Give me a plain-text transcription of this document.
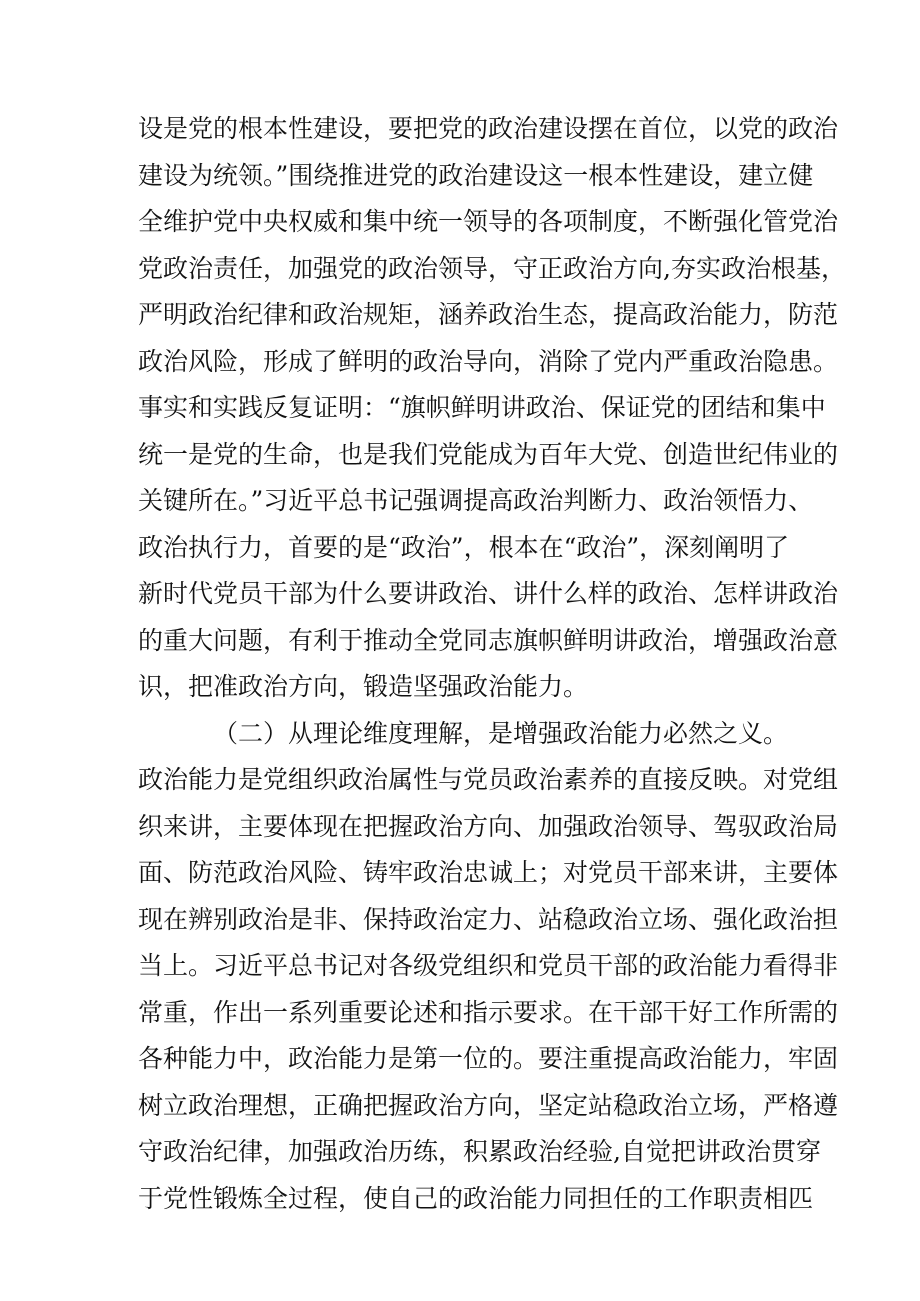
设是党的根本性建设，要把党的政治建设摆在首位，以党的政治
建设为统领。”围绕推进党的政治建设这一根本性建设，建立健
全维护党中央权威和集中统一领导的各项制度，不断强化管党治
党政治责任，加强党的政治领导，守正政治方向,夯实政治根基，
严明政治纪律和政治规矩，涵养政治生态，提高政治能力，防范
政治风险，形成了鲜明的政治导向，消除了党内严重政治隐患。
事实和实践反复证明：“旗帜鲜明讲政治、保证党的团结和集中
统一是党的生命，也是我们党能成为百年大党、创造世纪伟业的
关键所在。”习近平总书记强调提高政治判断力、政治领悟力、
政治执行力，首要的是“政治”，根本在“政治”，深刻阐明了
新时代党员干部为什么要讲政治、讲什么样的政治、怎样讲政治
的重大问题，有利于推动全党同志旗帜鲜明讲政治，增强政治意
识，把准政治方向，锻造坚强政治能力。
（二）从理论维度理解，是增强政治能力必然之义。
政治能力是党组织政治属性与党员政治素养的直接反映。对党组
织来讲，主要体现在把握政治方向、加强政治领导、驾驭政治局
面、防范政治风险、铸牢政治忠诚上；对党员干部来讲，主要体
现在辨别政治是非、保持政治定力、站稳政治立场、强化政治担
当上。习近平总书记对各级党组织和党员干部的政治能力看得非
常重，作出一系列重要论述和指示要求。在干部干好工作所需的
各种能力中，政治能力是第一位的。要注重提高政治能力，牢固
树立政治理想，正确把握政治方向，坚定站稳政治立场，严格遵
守政治纪律，加强政治历练，积累政治经验,自觉把讲政治贯穿
于党性锻炼全过程，使自己的政治能力同担任的工作职责相匹
